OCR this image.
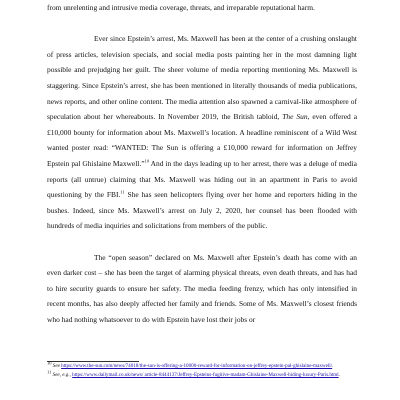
from unrelenting and intrusive media coverage, threats, and irreparable reputational harm.

Ever since Epstein’s arrest, Ms. Maxwell has been at the center of a crushing onslaught of press articles, television specials, and social media posts painting her in the most damning light possible and prejudging her guilt. The sheer volume of media reporting mentioning Ms. Maxwell is staggering. Since Epstein’s arrest, she has been mentioned in literally thousands of media publications, news reports, and other online content. The media attention also spawned a carnival-like atmosphere of speculation about her whereabouts. In November 2019, the British tabloid, The Sun, even offered a £10,000 bounty for information about Ms. Maxwell’s location. A headline reminiscent of a Wild West wanted poster read: “WANTED: The Sun is offering a £10,000 reward for information on Jeffrey Epstein pal Ghislaine Maxwell.”$^{10}$ And in the days leading up to her arrest, there was a deluge of media reports (all untrue) claiming that Ms. Maxwell was hiding out in an apartment in Paris to avoid questioning by the FBI.$^{11}$ She has seen helicopters flying over her home and reporters hiding in the bushes. Indeed, since Ms. Maxwell’s arrest on July 2, 2020, her counsel has been flooded with hundreds of media inquiries and solicitations from members of the public.

The “open season” declared on Ms. Maxwell after Epstein’s death has come with an even darker cost – she has been the target of alarming physical threats, even death threats, and has had to hire security guards to ensure her safety. The media feeding frenzy, which has only intensified in recent months, has also deeply affected her family and friends. Some of Ms. Maxwell’s closest friends who had nothing whatsoever to do with Epstein have lost their jobs or

$^{10}$ See https://www.the-sun.com/news/74018/the-sun-is-offering-a-10000-reward-for-information-on-jeffrey-epstein-pal-ghislaine-maxwell/.

$^{11}$ See, e.g., https://www.dailymail.co.uk/news/ article-8444137/Jeffrey-Epsteins-fugitive-madam-Ghislaine-Maxwell-hiding-luxury-Paris.html.
